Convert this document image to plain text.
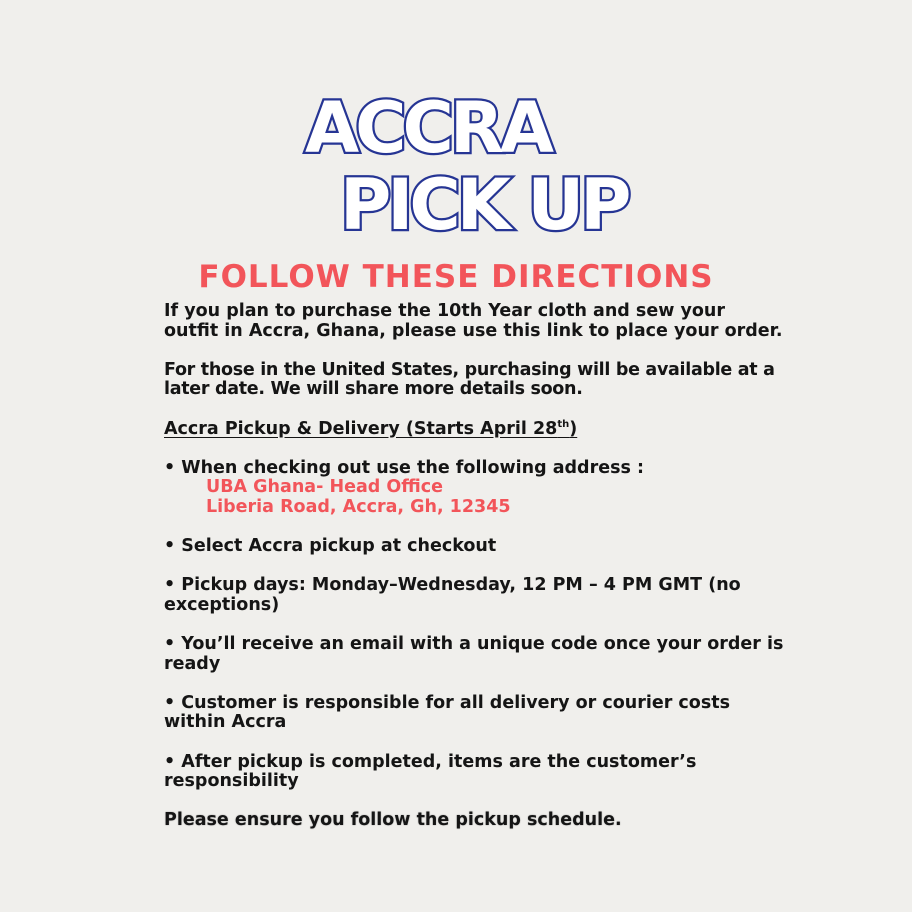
ACCRA
PICK UP
FOLLOW THESE DIRECTIONS

If you plan to purchase the 10th Year cloth and sew your outfit in Accra, Ghana, please use this link to place your order.

For those in the United States, purchasing will be available at a later date. We will share more details soon.

Accra Pickup & Delivery (Starts April 28th)

• When checking out use the following address :
UBA Ghana- Head Office
Liberia Road, Accra, Gh, 12345

• Select Accra pickup at checkout

• Pickup days: Monday–Wednesday, 12 PM – 4 PM GMT (no exceptions)

• You’ll receive an email with a unique code once your order is ready

• Customer is responsible for all delivery or courier costs within Accra

• After pickup is completed, items are the customer’s responsibility

Please ensure you follow the pickup schedule.
